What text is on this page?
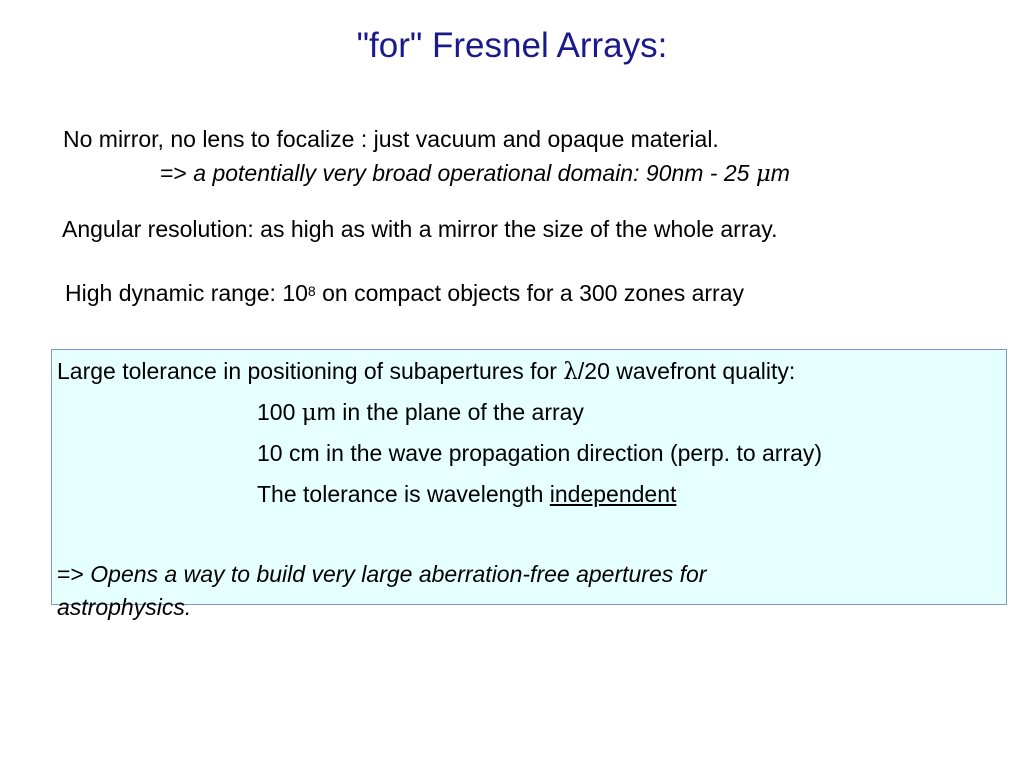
"for" Fresnel Arrays:
No mirror, no lens to focalize : just vacuum and opaque material.
=> a potentially very broad operational domain: 90nm - 25 μm
Angular resolution: as high as with a mirror the size of the whole array.
High dynamic range: $10^8$ on compact objects for a 300 zones array
Large tolerance in positioning of subapertures for λ/20 wavefront quality:
100 μm in the plane of the array
10 cm in the wave propagation direction (perp. to array)
The tolerance is wavelength independent
=> Opens a way to build very large aberration-free apertures for
astrophysics.
